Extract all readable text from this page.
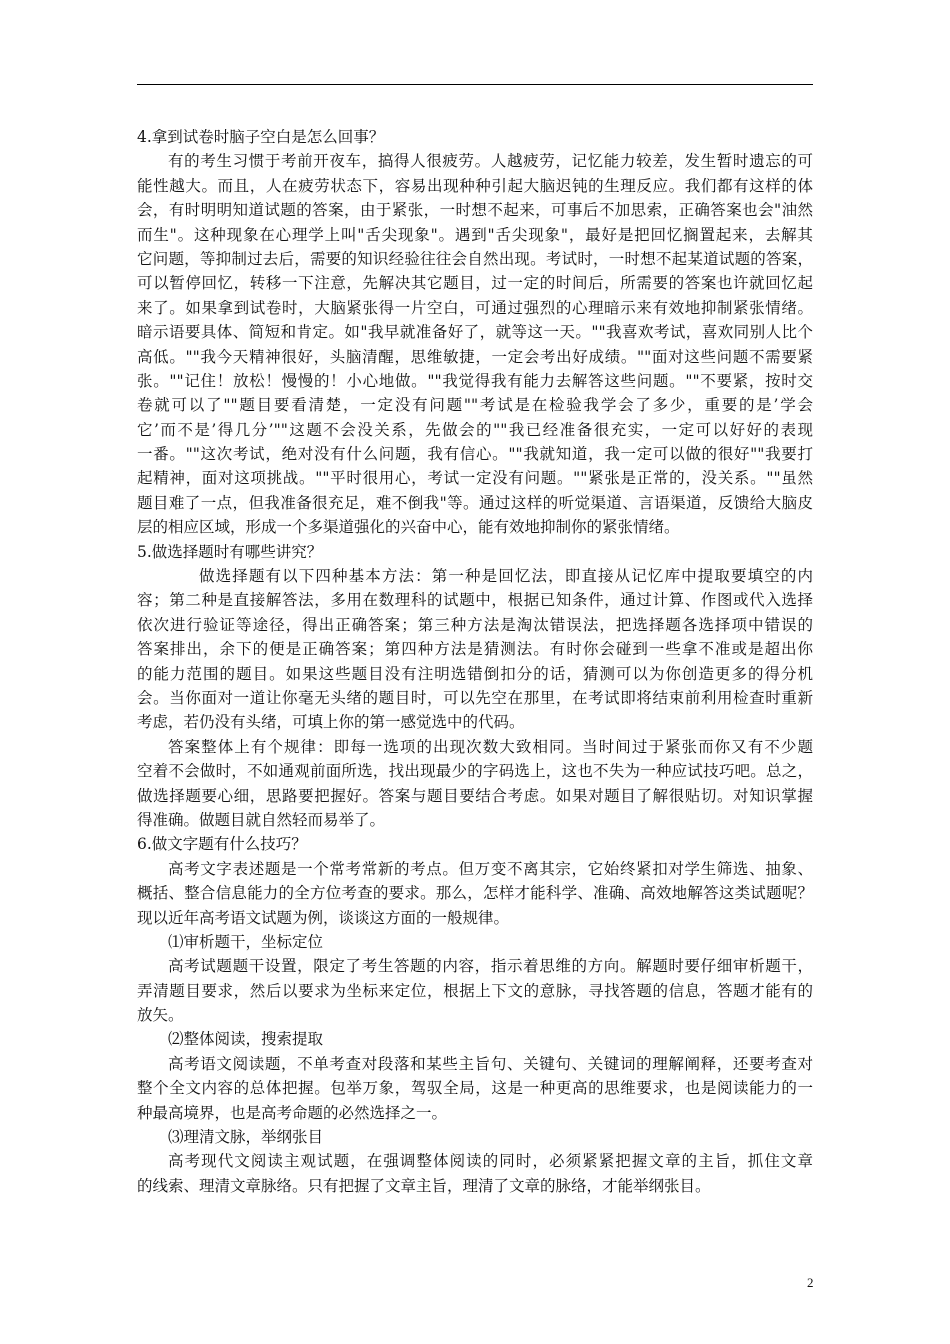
4.拿到试卷时脑子空白是怎么回事？
有的考生习惯于考前开夜车，搞得人很疲劳。人越疲劳，记忆能力较差，发生暂时遗忘的可
能性越大。而且，人在疲劳状态下，容易出现种种引起大脑迟钝的生理反应。我们都有这样的体
会，有时明明知道试题的答案，由于紧张，一时想不起来，可事后不加思索，正确答案也会"油然
而生"。这种现象在心理学上叫"舌尖现象"。遇到"舌尖现象"，最好是把回忆搁置起来，去解其
它问题，等抑制过去后，需要的知识经验往往会自然出现。考试时，一时想不起某道试题的答案，
可以暂停回忆，转移一下注意，先解决其它题目，过一定的时间后，所需要的答案也许就回忆起
来了。如果拿到试卷时，大脑紧张得一片空白，可通过强烈的心理暗示来有效地抑制紧张情绪。
暗示语要具体、简短和肯定。如"我早就准备好了，就等这一天。""我喜欢考试，喜欢同别人比个
高低。""我今天精神很好，头脑清醒，思维敏捷，一定会考出好成绩。""面对这些问题不需要紧
张。""记住！放松！慢慢的！小心地做。""我觉得我有能力去解答这些问题。""不要紧，按时交
卷就可以了""题目要看清楚，一定没有问题""考试是在检验我学会了多少，重要的是’学会
它’而不是’得几分’""这题不会没关系，先做会的""我已经准备很充实，一定可以好好的表现
一番。""这次考试，绝对没有什么问题，我有信心。""我就知道，我一定可以做的很好""我要打
起精神，面对这项挑战。""平时很用心，考试一定没有问题。""紧张是正常的，没关系。""虽然
题目难了一点，但我准备很充足，难不倒我"等。通过这样的听觉渠道、言语渠道，反馈给大脑皮
层的相应区域，形成一个多渠道强化的兴奋中心，能有效地抑制你的紧张情绪。
5.做选择题时有哪些讲究？
做选择题有以下四种基本方法：第一种是回忆法，即直接从记忆库中提取要填空的内
容；第二种是直接解答法，多用在数理科的试题中，根据已知条件，通过计算、作图或代入选择
依次进行验证等途径，得出正确答案；第三种方法是淘汰错误法，把选择题各选择项中错误的
答案排出，余下的便是正确答案；第四种方法是猜测法。有时你会碰到一些拿不准或是超出你
的能力范围的题目。如果这些题目没有注明选错倒扣分的话，猜测可以为你创造更多的得分机
会。当你面对一道让你毫无头绪的题目时，可以先空在那里，在考试即将结束前利用检查时重新
考虑，若仍没有头绪，可填上你的第一感觉选中的代码。
答案整体上有个规律：即每一选项的出现次数大致相同。当时间过于紧张而你又有不少题
空着不会做时，不如通观前面所选，找出现最少的字码选上，这也不失为一种应试技巧吧。总之，
做选择题要心细，思路要把握好。答案与题目要结合考虑。如果对题目了解很贴切。对知识掌握
得准确。做题目就自然轻而易举了。
6.做文字题有什么技巧？
高考文字表述题是一个常考常新的考点。但万变不离其宗，它始终紧扣对学生筛选、抽象、
概括、整合信息能力的全方位考查的要求。那么，怎样才能科学、准确、高效地解答这类试题呢？
现以近年高考语文试题为例，谈谈这方面的一般规律。
⑴审析题干，坐标定位
高考试题题干设置，限定了考生答题的内容，指示着思维的方向。解题时要仔细审析题干，
弄清题目要求，然后以要求为坐标来定位，根据上下文的意脉，寻找答题的信息，答题才能有的
放矢。
⑵整体阅读，搜索提取
高考语文阅读题，不单考查对段落和某些主旨句、关键句、关键词的理解阐释，还要考查对
整个全文内容的总体把握。包举万象，驾驭全局，这是一种更高的思维要求，也是阅读能力的一
种最高境界，也是高考命题的必然选择之一。
⑶理清文脉，举纲张目
高考现代文阅读主观试题，在强调整体阅读的同时，必须紧紧把握文章的主旨，抓住文章
的线索、理清文章脉络。只有把握了文章主旨，理清了文章的脉络，才能举纲张目。
2
